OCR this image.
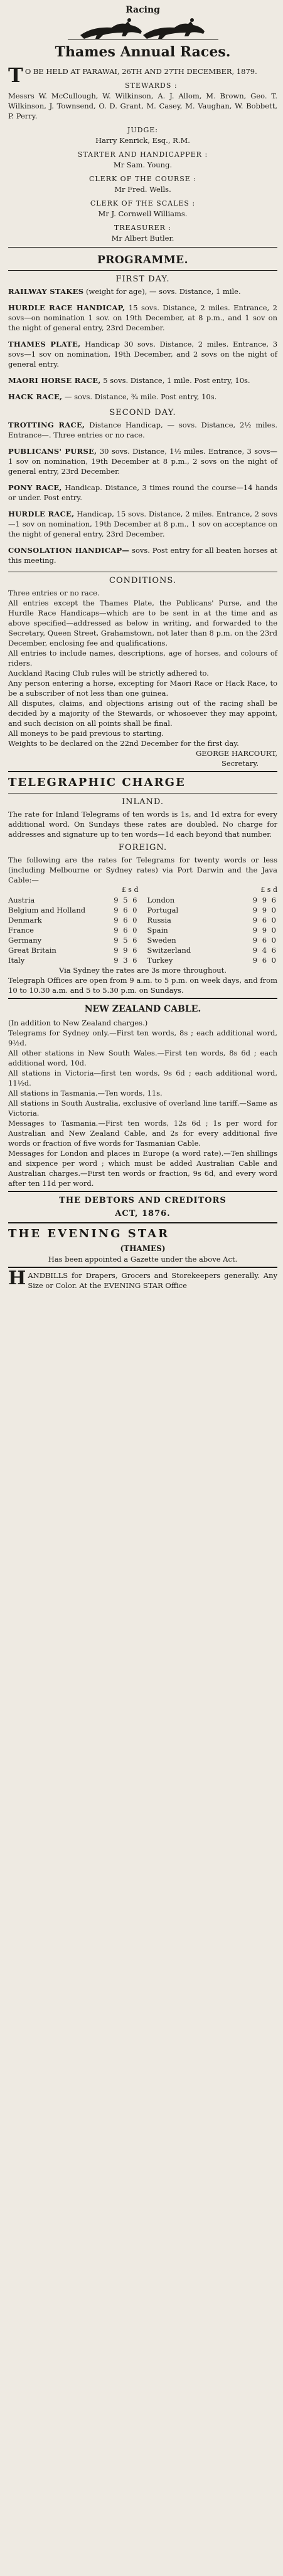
Racing
Thames Annual Races.

TO BE HELD AT PARAWAI, 26TH AND 27TH DECEMBER, 1879.

STEWARDS :

Messrs W. McCullough, W. Wilkinson, A. J. Allom, M. Brown, Geo. T. Wilkinson, J. Townsend, O. D. Grant, M. Casey, M. Vaughan, W. Bobbett, P. Perry.

JUDGE:

Harry Kenrick, Esq., R.M.

STARTER AND HANDICAPPER :

Mr Sam. Young.

CLERK OF THE COURSE :

Mr Fred. Wells.

CLERK OF THE SCALES :

Mr J. Cornwell Williams.

TREASURER :

Mr Albert Butler.

PROGRAMME.
FIRST DAY.
RAILWAY STAKES (weight for age), — sovs. Distance, 1 mile.
HURDLE RACE HANDICAP, 15 sovs. Distance, 2 miles. Entrance, 2 sovs—on nomination 1 sov. on 19th December, at 8 p.m., and 1 sov on the night of general entry, 23rd December.
THAMES PLATE, Handicap 30 sovs. Distance, 2 miles. Entrance, 3 sovs—1 sov on nomination, 19th December, and 2 sovs on the night of general entry.
MAORI HORSE RACE, 5 sovs. Distance, 1 mile. Post entry, 10s.
HACK RACE, — sovs. Distance, ¾ mile. Post entry, 10s.
SECOND DAY.
TROTTING RACE, Distance Handicap, — sovs. Distance, 2½ miles. Entrance—. Three entries or no race.
PUBLICANS' PURSE, 30 sovs. Distance, 1½ miles. Entrance, 3 sovs—1 sov on nomination, 19th December at 8 p.m., 2 sovs on the night of general entry, 23rd December.
PONY RACE, Handicap. Distance, 3 times round the course—14 hands or under. Post entry.
HURDLE RACE, Handicap, 15 sovs. Distance, 2 miles. Entrance, 2 sovs—1 sov on nomination, 19th December at 8 p.m., 1 sov on acceptance on the night of general entry, 23rd December.
CONSOLATION HANDICAP— sovs. Post entry for all beaten horses at this meeting.
CONDITIONS.

Three entries or no race.

All entries except the Thames Plate, the Publicans' Purse, and the Hurdle Race Handicaps—which are to be sent in at the time and as above specified—addressed as below in writing, and forwarded to the Secretary, Queen Street, Grahamstown, not later than 8 p.m. on the 23rd December, enclosing fee and qualifications.

All entries to include names, descriptions, age of horses, and colours of riders.

Auckland Racing Club rules will be strictly adhered to.

Any person entering a horse, excepting for Maori Race or Hack Race, to be a subscriber of not less than one guinea.

All disputes, claims, and objections arising out of the racing shall be decided by a majority of the Stewards, or whosoever they may appoint, and such decision on all points shall be final.

All moneys to be paid previous to starting.

Weights to be declared on the 22nd December for the first day.

GEORGE HARCOURT,
Secretary.
TELEGRAPHIC CHARGE
INLAND.

The rate for Inland Telegrams of ten words is 1s, and 1d extra for every additional word. On Sundays these rates are doubled. No charge for addresses and signature up to ten words—1d each beyond that number.

FOREIGN.

The following are the rates for Telegrams for twenty words or less (including Melbourne or Sydney rates) via Port Darwin and the Java Cable:—

£ s d
Austria	9 5 6
Belgium and Holland	9 6 0
Denmark	9 6 0
France	9 6 0
Germany	9 5 6
Great Britain	9 9 6
Italy	9 3 6
£ s d
London	9 9 6
Portugal	9 9 0
Russia	9 6 0
Spain	9 9 0
Sweden	9 6 0
Switzerland	9 4 6
Turkey	9 6 0

Via Sydney the rates are 3s more throughout.

Telegraph Offices are open from 9 a.m. to 5 p.m. on week days, and from 10 to 10.30 a.m. and 5 to 5.30 p.m. on Sundays.

NEW ZEALAND CABLE.

(In addition to New Zealand charges.)

Telegrams for Sydney only.—First ten words, 8s ; each additional word, 9½d.

All other stations in New South Wales.—First ten words, 8s 6d ; each additional word, 10d.

All stations in Victoria—first ten words, 9s 6d ; each additional word, 11½d.

All stations in Tasmania.—Ten words, 11s.

All stations in South Australia, exclusive of overland line tariff.—Same as Victoria.

Messages to Tasmania.—First ten words, 12s 6d ; 1s per word for Australian and New Zealand Cable, and 2s for every additional five words or fraction of five words for Tasmanian Cable.

Messages for London and places in Europe (a word rate).—Ten shillings and sixpence per word ; which must be added Australian Cable and Australian charges.—First ten words or fraction, 9s 6d, and every word after ten 11d per word.

THE DEBTORS AND CREDITORS
ACT, 1876.
THE EVENING STAR
(THAMES)

Has been appointed a Gazette under the above Act.

HANDBILLS for Drapers, Grocers and Storekeepers generally. Any Size or Color. At the EVENING STAR Office
